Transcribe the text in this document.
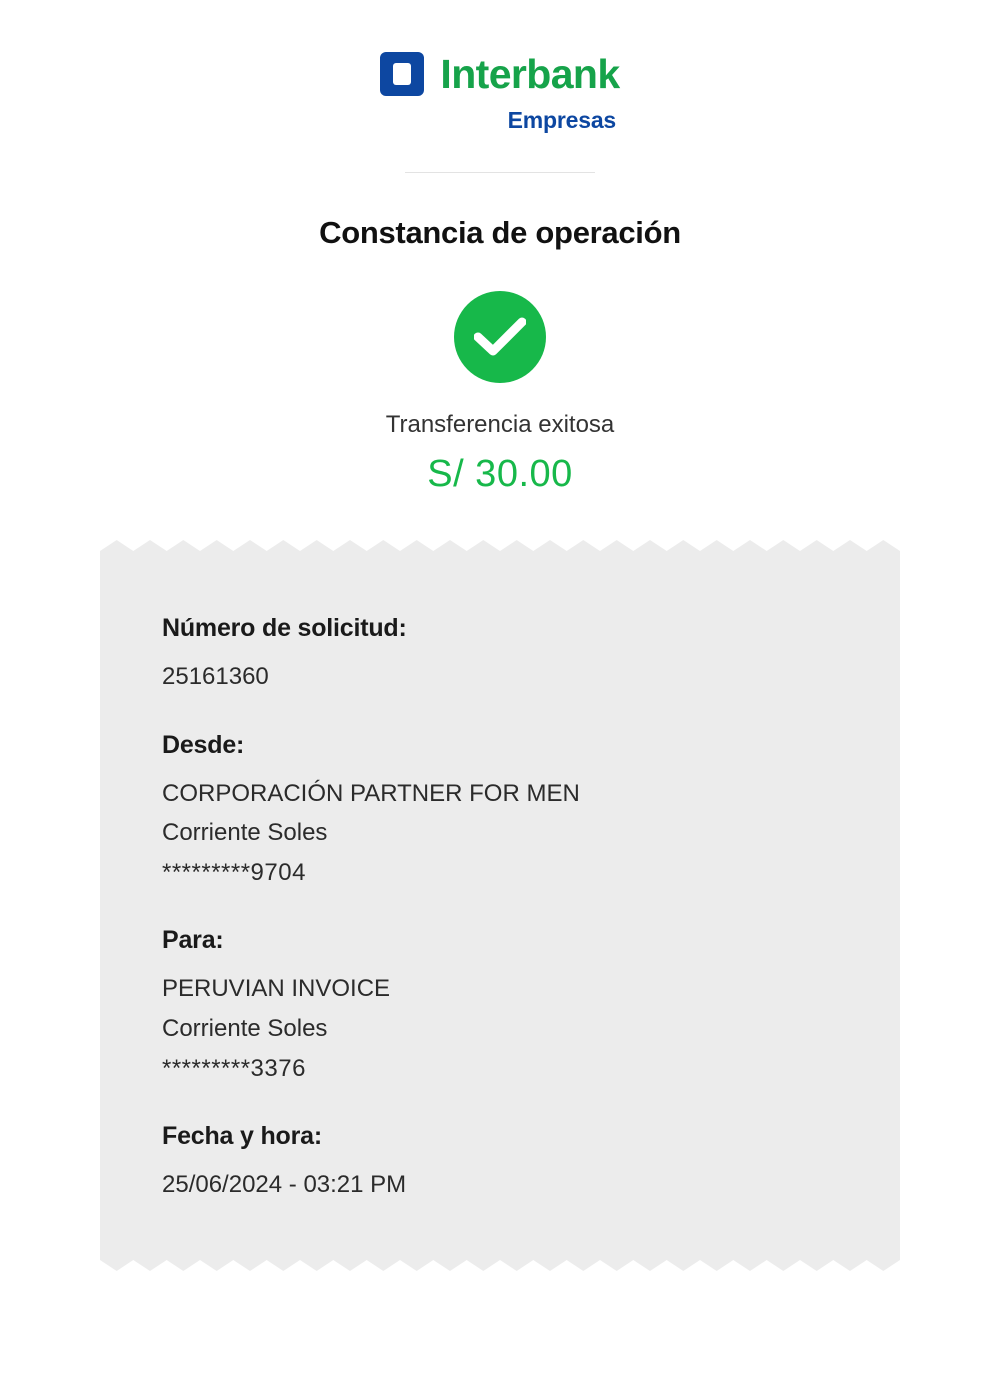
Interbank
Empresas
Constancia de operación
Transferencia exitosa
S/ 30.00
Número de solicitud:
25161360
Desde:
CORPORACIÓN PARTNER FOR MEN
Corriente Soles
*********9704
Para:
PERUVIAN INVOICE
Corriente Soles
*********3376
Fecha y hora:
25/06/2024 - 03:21 PM
